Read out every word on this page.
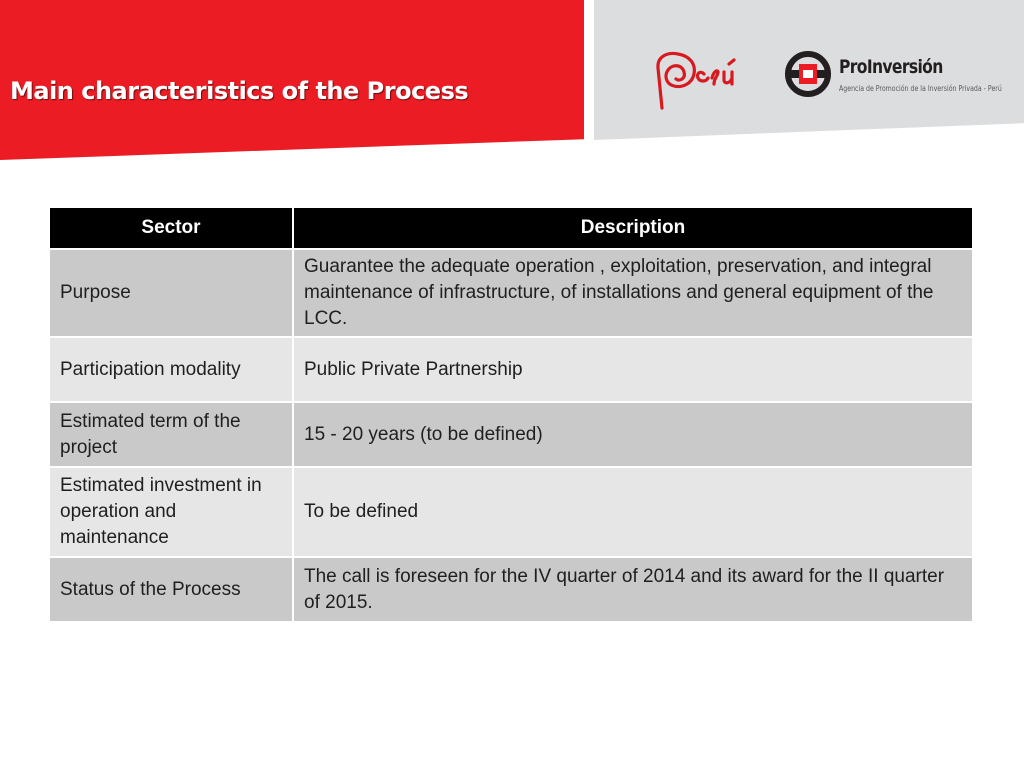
Main characteristics of the Process
Perú
ProInversión
Agencia de Promoción de la Inversión Privada - Perú
Sector	Description
Purpose	Guarantee the adequate operation , exploitation, preservation, and integral maintenance of infrastructure, of installations and general equipment of the LCC.
Participation modality	Public Private Partnership
Estimated term of the project	15 - 20 years (to be defined)
Estimated investment in operation and maintenance	To be defined
Status of the Process	The call is foreseen for the IV quarter of 2014 and its award for the II quarter of 2015.
